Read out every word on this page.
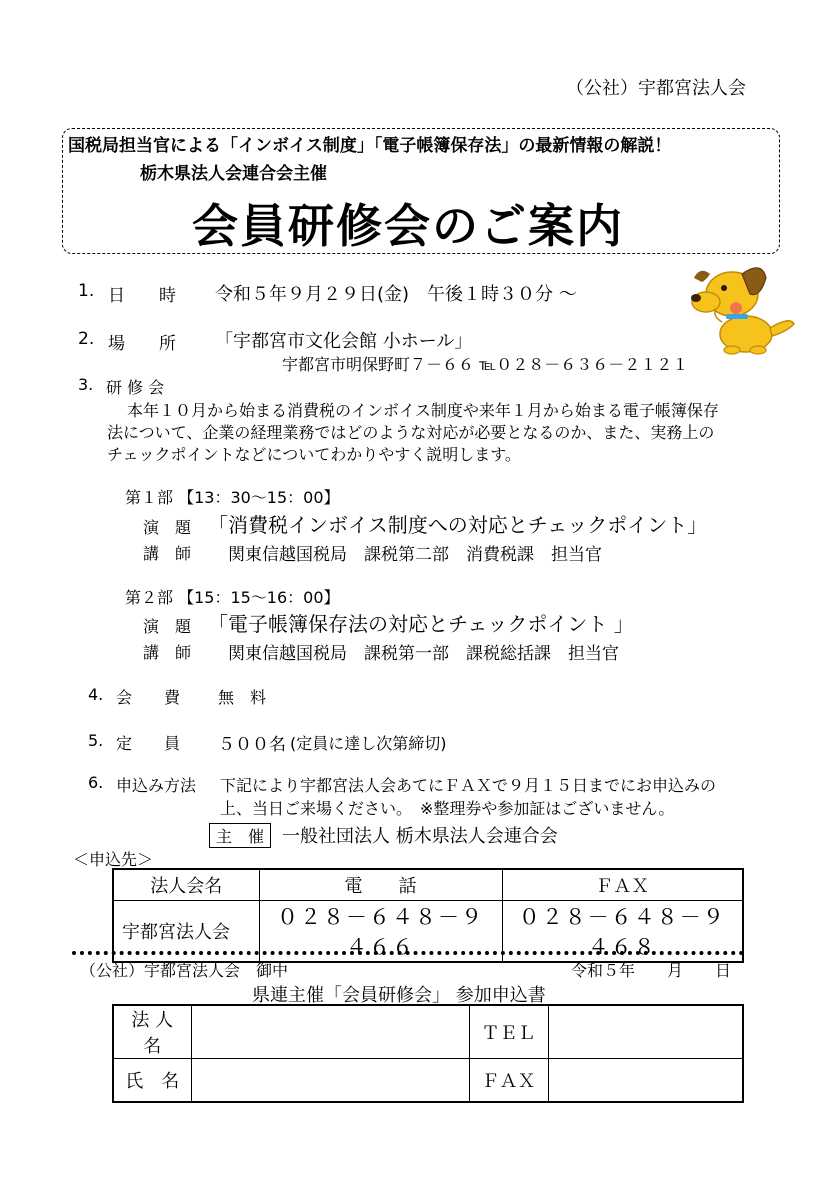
（公社）宇都宮法人会
国税局担当官による「インボイス制度」「電子帳簿保存法」の最新情報の解説！
栃木県法人会連合会主催
会員研修会のご案内
1. 日　　時 令和５年９月２９日(金)　午後１時３０分 ～
2. 場　　所 「宇都宮市文化会館 小ホール」
宇都宮市明保野町７－６６ ℡０２８－６３６－２１２１
3. 研 修 会
本年１０月から始まる消費税のインボイス制度や来年１月から始まる電子帳簿保存
法について、企業の経理業務ではどのような対応が必要となるのか、また、実務上の
チェックポイントなどについてわかりやすく説明します。
第１部 【13：30～15：00】
演　題 「消費税インボイス制度への対応とチェックポイント」
講　師 関東信越国税局　課税第二部　消費税課　担当官
第２部 【15：15～16：00】
演　題 「電子帳簿保存法の対応とチェックポイント 」
講　師 関東信越国税局　課税第一部　課税総括課　担当官
4. 会　　費 無　料
5. 定　　員 ５００名 (定員に達し次第締切)
6. 申込み方法 下記により宇都宮法人会あてにＦＡＸで９月１５日までにお申込みの
上、当日ご来場ください。　※整理券や参加証はございません。
主　催 一般社団法人 栃木県法人会連合会
＜申込先＞
法人会名	電　　話	ＦＡＸ
宇都宮法人会	０２８－６４８－９４６６	０２８－６４８－９４６８
（公社）宇都宮法人会　御中	令和５年　　月　　日
県連主催「会員研修会」 参加申込書
法 人 名		ＴＥＬ	
氏　名		ＦＡＸ	
